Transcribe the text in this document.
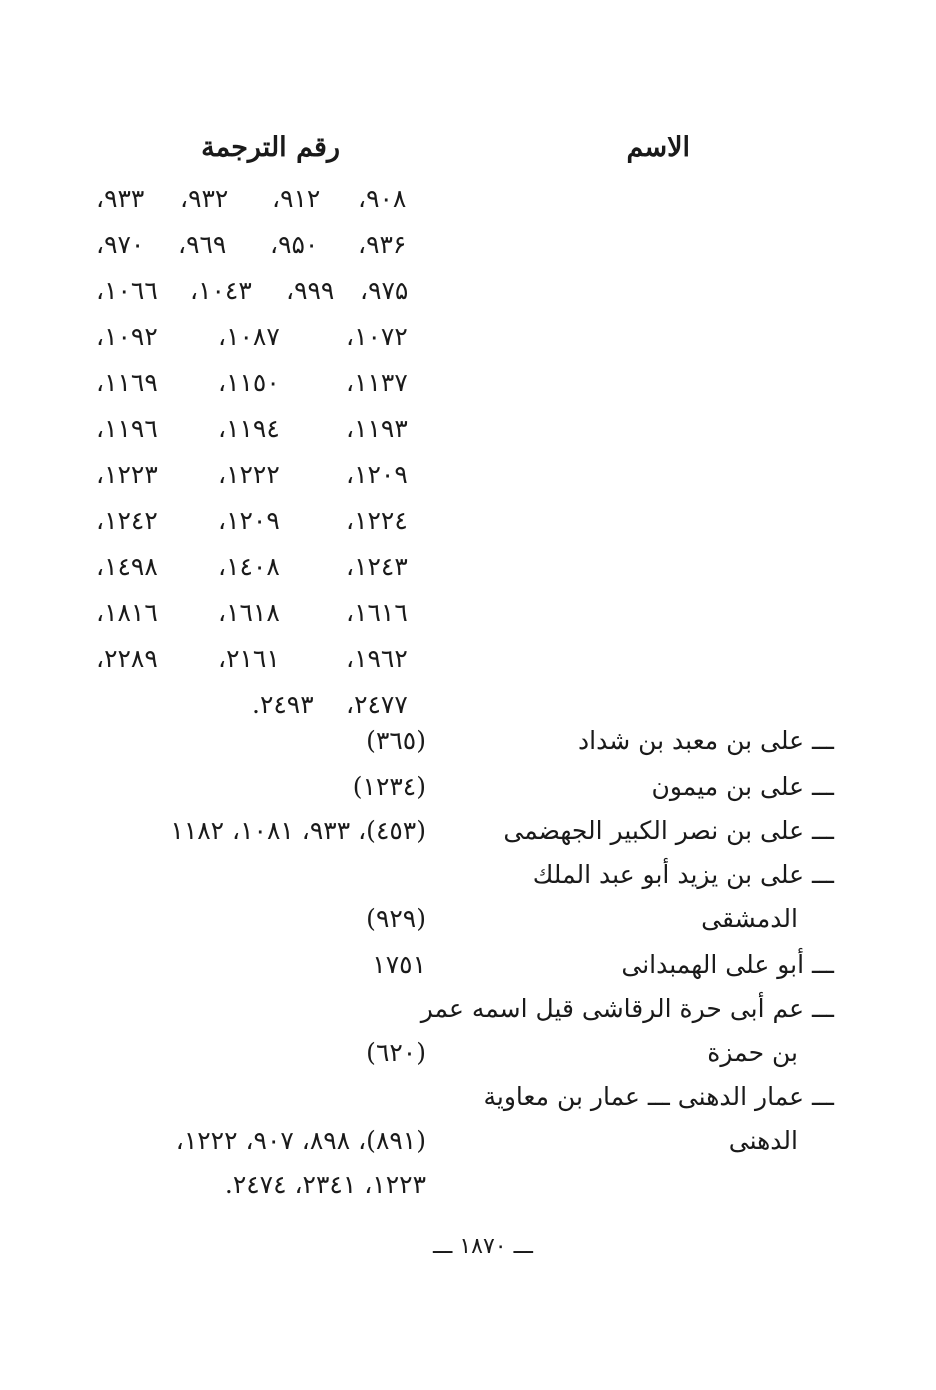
الاسم
رقم الترجمة
۹۰۸،
۹۱۲،
۹۳۲،
۹۳۳،
۹۳۶،
۹۵۰،
۹٦۹،
۹۷۰،
۹۷۵،
۹۹۹،
۱۰٤۳،
۱۰٦٦،
۱۰۷۲،
۱۰۸۷،
۱۰۹۲،
۱۱۳۷،
۱۱٥۰،
۱۱٦۹،
۱۱۹۳،
۱۱۹٤،
۱۱۹٦،
۱۲۰۹،
۱۲۲۲،
۱۲۲۳،
۱۲۲٤،
۱۲۰۹،
۱۲٤۲،
۱۲٤۳،
۱٤۰۸،
۱٤۹۸،
۱٦۱٦،
۱٦۱۸،
۱۸۱٦،
۱۹٦۲،
۲۱٦۱،
۲۲۸۹،
۲٤۷۷،
۲٤۹۳.
ـــ على بن معبد بن شداد
(۳٦٥)
ـــ على بن ميمون
(۱۲۳٤)
ـــ على بن نصر الكبير الجهضمى
(٤٥۳)، ۹۳۳، ۱۰۸۱، ۱۱۸۲
ـــ على بن يزيد أبو عبد الملك
الدمشقى
(۹۲۹)
ـــ أبو على الهمبدانى
۱۷٥۱
ـــ عم أبى حرة الرقاشى قيل اسمه عمر
بن حمزة
(٦۲۰)
ـــ عمار الدهنى ـــ عمار بن معاوية
الدهنى
(۸۹۱)، ۸۹۸، ۹۰۷، ۱۲۲۲،
۱۲۲۳، ۲۳٤۱، ۲٤۷٤.
ـــ ۱۸۷۰ ـــ
